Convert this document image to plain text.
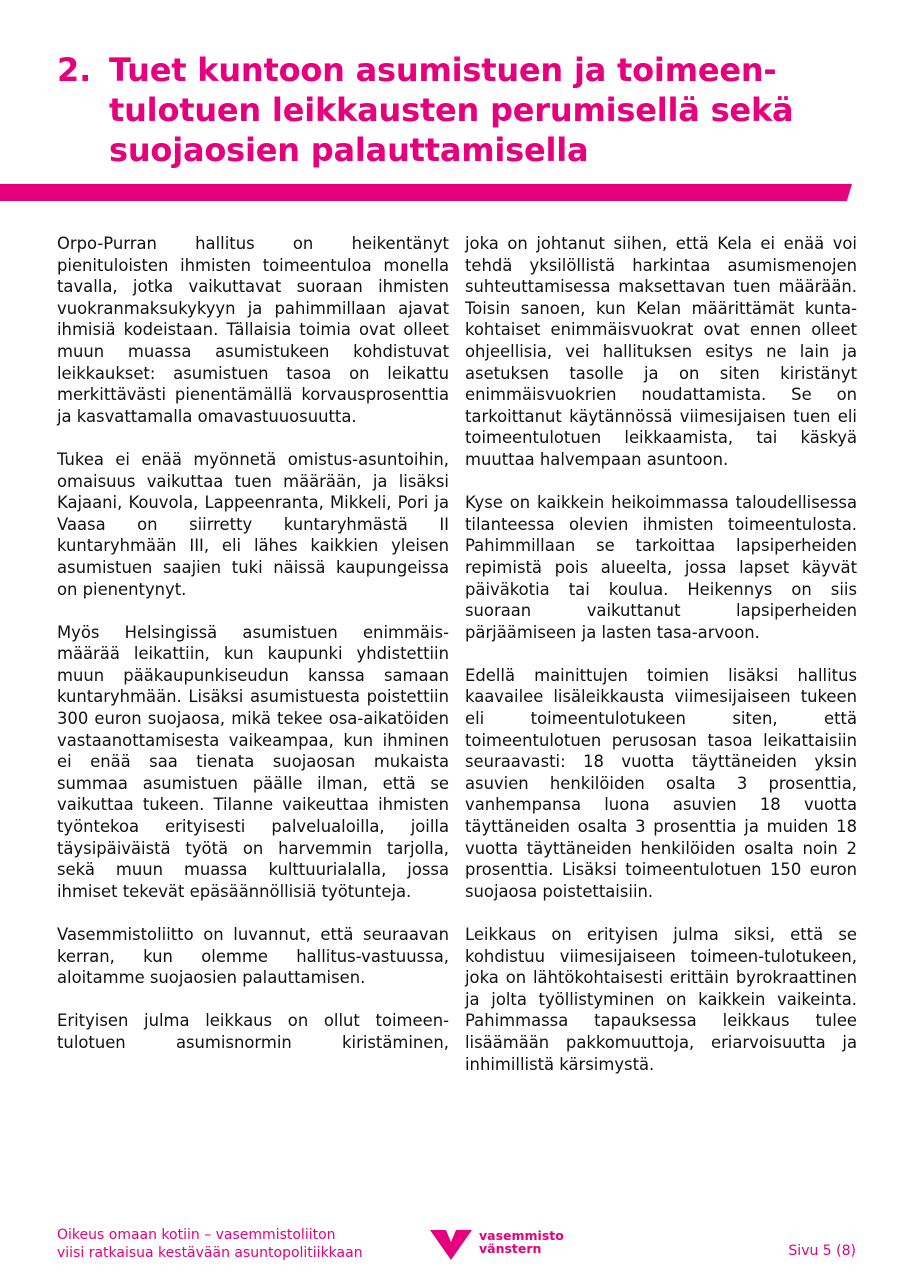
2. Tuet kuntoon asumistuen ja toimeen-
tulotuen leikkausten perumisellä sekä
suojaosien palauttamisella

Orpo-Purran hallitus on heikentänyt pienituloisten ihmisten toimeentuloa monella tavalla, jotka vaikuttavat suoraan ihmisten vuokranmaksukykyyn ja pahimmillaan ajavat ihmisiä kodeistaan. Tällaisia toimia ovat olleet muun muassa asumistukeen kohdistuvat leikkaukset: asumistuen tasoa on leikattu merkittävästi pienentämällä korvausprosenttia ja kasvattamalla omavastuuosuutta.

Tukea ei enää myönnetä omistus-asuntoihin, omaisuus vaikuttaa tuen määrään, ja lisäksi Kajaani, Kouvola, Lappeenranta, Mikkeli, Pori ja Vaasa on siirretty kuntaryhmästä II kuntaryhmään III, eli lähes kaikkien yleisen asumistuen saajien tuki näissä kaupungeissa on pienentynyt.

Myös Helsingissä asumistuen enimmäis-määrää leikattiin, kun kaupunki yhdistettiin muun pääkaupunkiseudun kanssa samaan kuntaryhmään. Lisäksi asumistuesta poistettiin 300 euron suojaosa, mikä tekee osa-aikatöiden vastaanottamisesta vaikeampaa, kun ihminen ei enää saa tienata suojaosan mukaista summaa asumistuen päälle ilman, että se vaikuttaa tukeen. Tilanne vaikeuttaa ihmisten työntekoa erityisesti palvelualoilla, joilla täysipäiväistä työtä on harvemmin tarjolla, sekä muun muassa kulttuurialalla, jossa ihmiset tekevät epäsäännöllisiä työtunteja.

Vasemmistoliitto on luvannut, että seuraavan kerran, kun olemme hallitus-vastuussa, aloitamme suojaosien palauttamisen.

Erityisen julma leikkaus on ollut toimeen-tulotuen asumisnormin kiristäminen,

joka on johtanut siihen, että Kela ei enää voi tehdä yksilöllistä harkintaa asumismenojen suhteuttamisessa maksettavan tuen määrään. Toisin sanoen, kun Kelan määrittämät kunta-kohtaiset enimmäisvuokrat ovat ennen olleet ohjeellisia, vei hallituksen esitys ne lain ja asetuksen tasolle ja on siten kiristänyt enimmäisvuokrien noudattamista. Se on tarkoittanut käytännössä viimesijaisen tuen eli toimeentulotuen leikkaamista, tai käskyä muuttaa halvempaan asuntoon.

Kyse on kaikkein heikoimmassa taloudellisessa tilanteessa olevien ihmisten toimeentulosta. Pahimmillaan se tarkoittaa lapsiperheiden repimistä pois alueelta, jossa lapset käyvät päiväkotia tai koulua. Heikennys on siis suoraan vaikuttanut lapsiperheiden pärjäämiseen ja lasten tasa-arvoon.

Edellä mainittujen toimien lisäksi hallitus kaavailee lisäleikkausta viimesijaiseen tukeen eli toimeentulotukeen siten, että toimeentulotuen perusosan tasoa leikattaisiin seuraavasti: 18 vuotta täyttäneiden yksin asuvien henkilöiden osalta 3 prosenttia, vanhempansa luona asuvien 18 vuotta täyttäneiden osalta 3 prosenttia ja muiden 18 vuotta täyttäneiden henkilöiden osalta noin 2 prosenttia. Lisäksi toimeentulotuen 150 euron suojaosa poistettaisiin.

Leikkaus on erityisen julma siksi, että se kohdistuu viimesijaiseen toimeen-tulotukeen, joka on lähtökohtaisesti erittäin byrokraattinen ja jolta työllistyminen on kaikkein vaikeinta. Pahimmassa tapauksessa leikkaus tulee lisäämään pakkomuuttoja, eriarvoisuutta ja inhimillistä kärsimystä.

Oikeus omaan kotiin – vasemmistoliiton
viisi ratkaisua kestävään asuntopolitiikkaan
vasemmisto
vänstern	Sivu 5 (8)
